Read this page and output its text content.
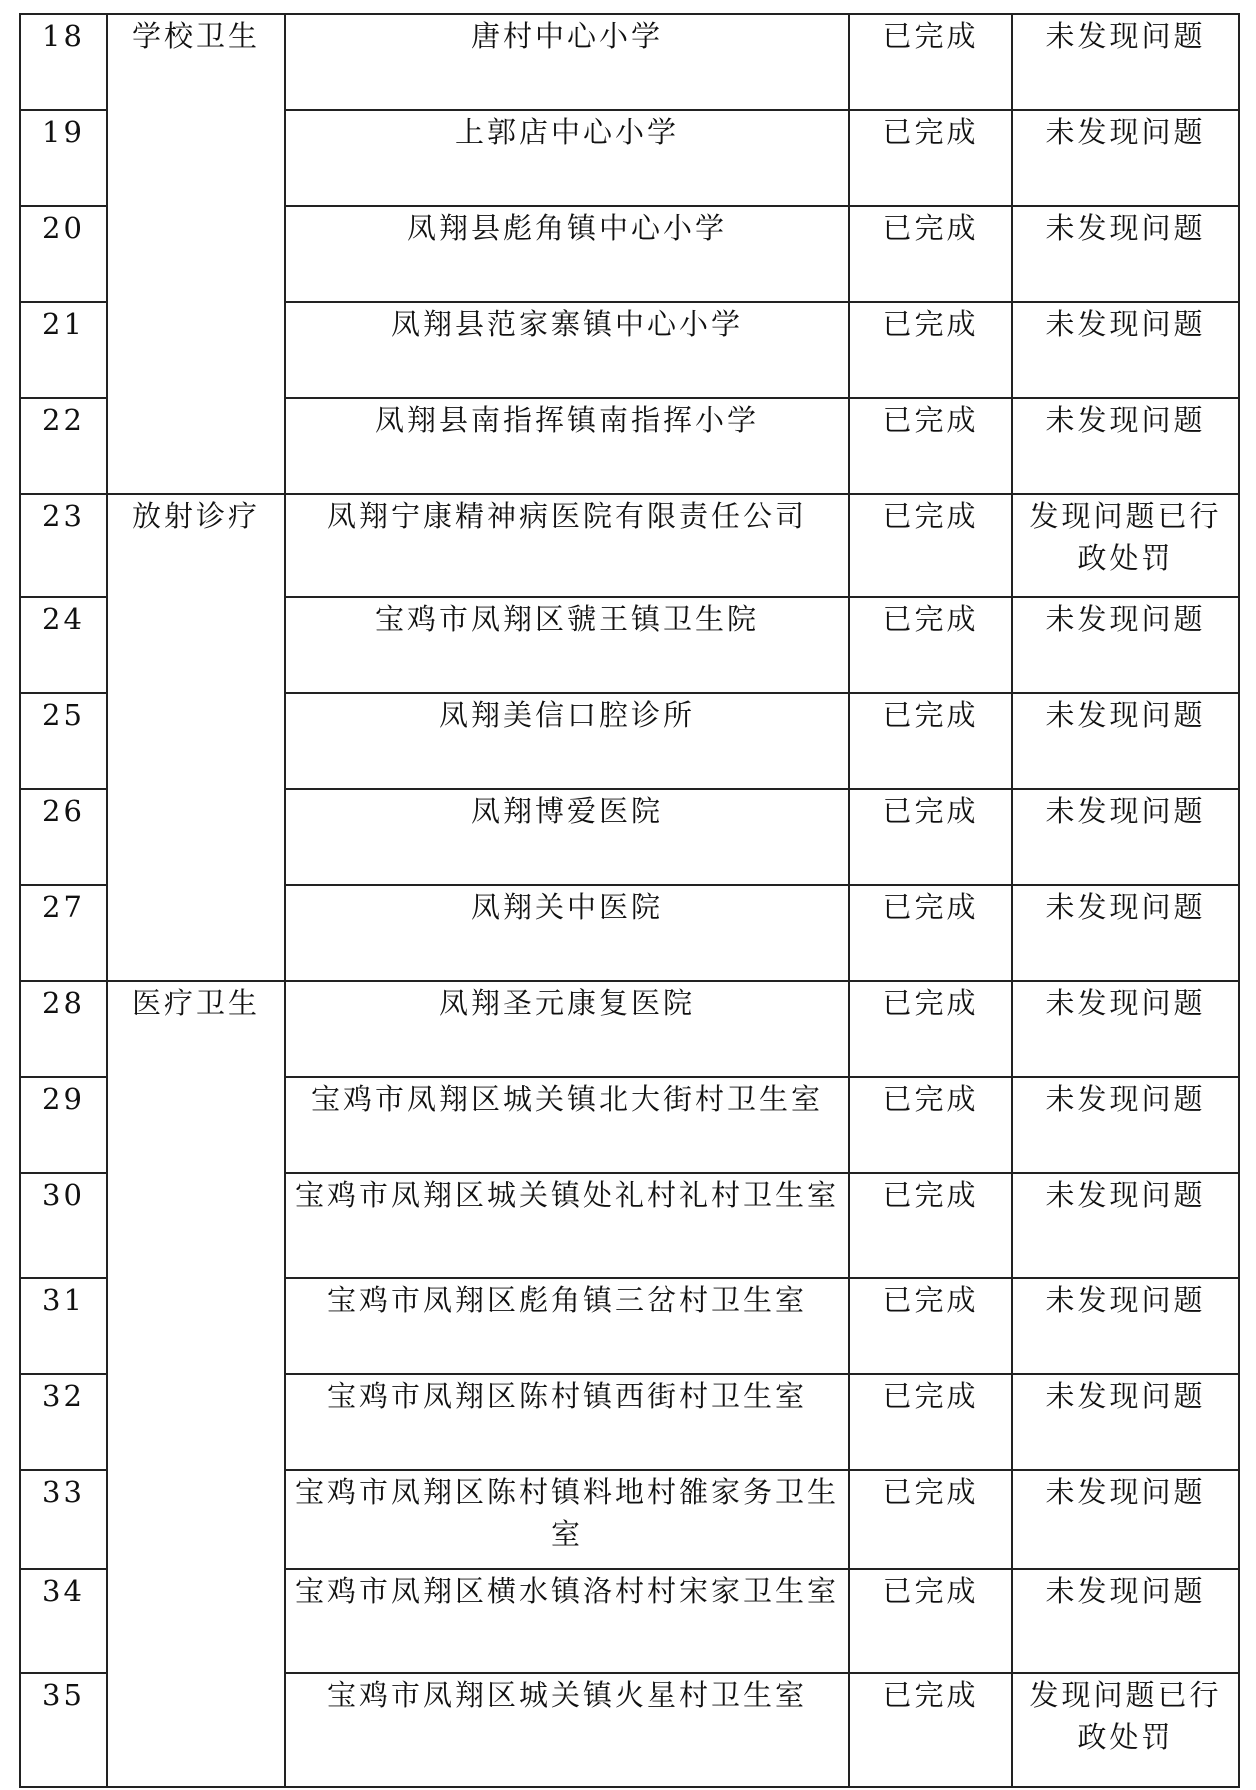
18	学校卫生	唐村中心小学	已完成	未发现问题
19		上郭店中心小学	已完成	未发现问题
20		凤翔县彪角镇中心小学	已完成	未发现问题
21		凤翔县范家寨镇中心小学	已完成	未发现问题
22		凤翔县南指挥镇南指挥小学	已完成	未发现问题
23	放射诊疗	凤翔宁康精神病医院有限责任公司	已完成	发现问题已行政处罚
24		宝鸡市凤翔区虢王镇卫生院	已完成	未发现问题
25		凤翔美信口腔诊所	已完成	未发现问题
26		凤翔博爱医院	已完成	未发现问题
27		凤翔关中医院	已完成	未发现问题
28	医疗卫生	凤翔圣元康复医院	已完成	未发现问题
29		宝鸡市凤翔区城关镇北大街村卫生室	已完成	未发现问题
30		宝鸡市凤翔区城关镇处礼村礼村卫生室	已完成	未发现问题
31		宝鸡市凤翔区彪角镇三岔村卫生室	已完成	未发现问题
32		宝鸡市凤翔区陈村镇西街村卫生室	已完成	未发现问题
33		宝鸡市凤翔区陈村镇料地村雒家务卫生室	已完成	未发现问题
34		宝鸡市凤翔区横水镇洛村村宋家卫生室	已完成	未发现问题
35		宝鸡市凤翔区城关镇火星村卫生室	已完成	发现问题已行政处罚
